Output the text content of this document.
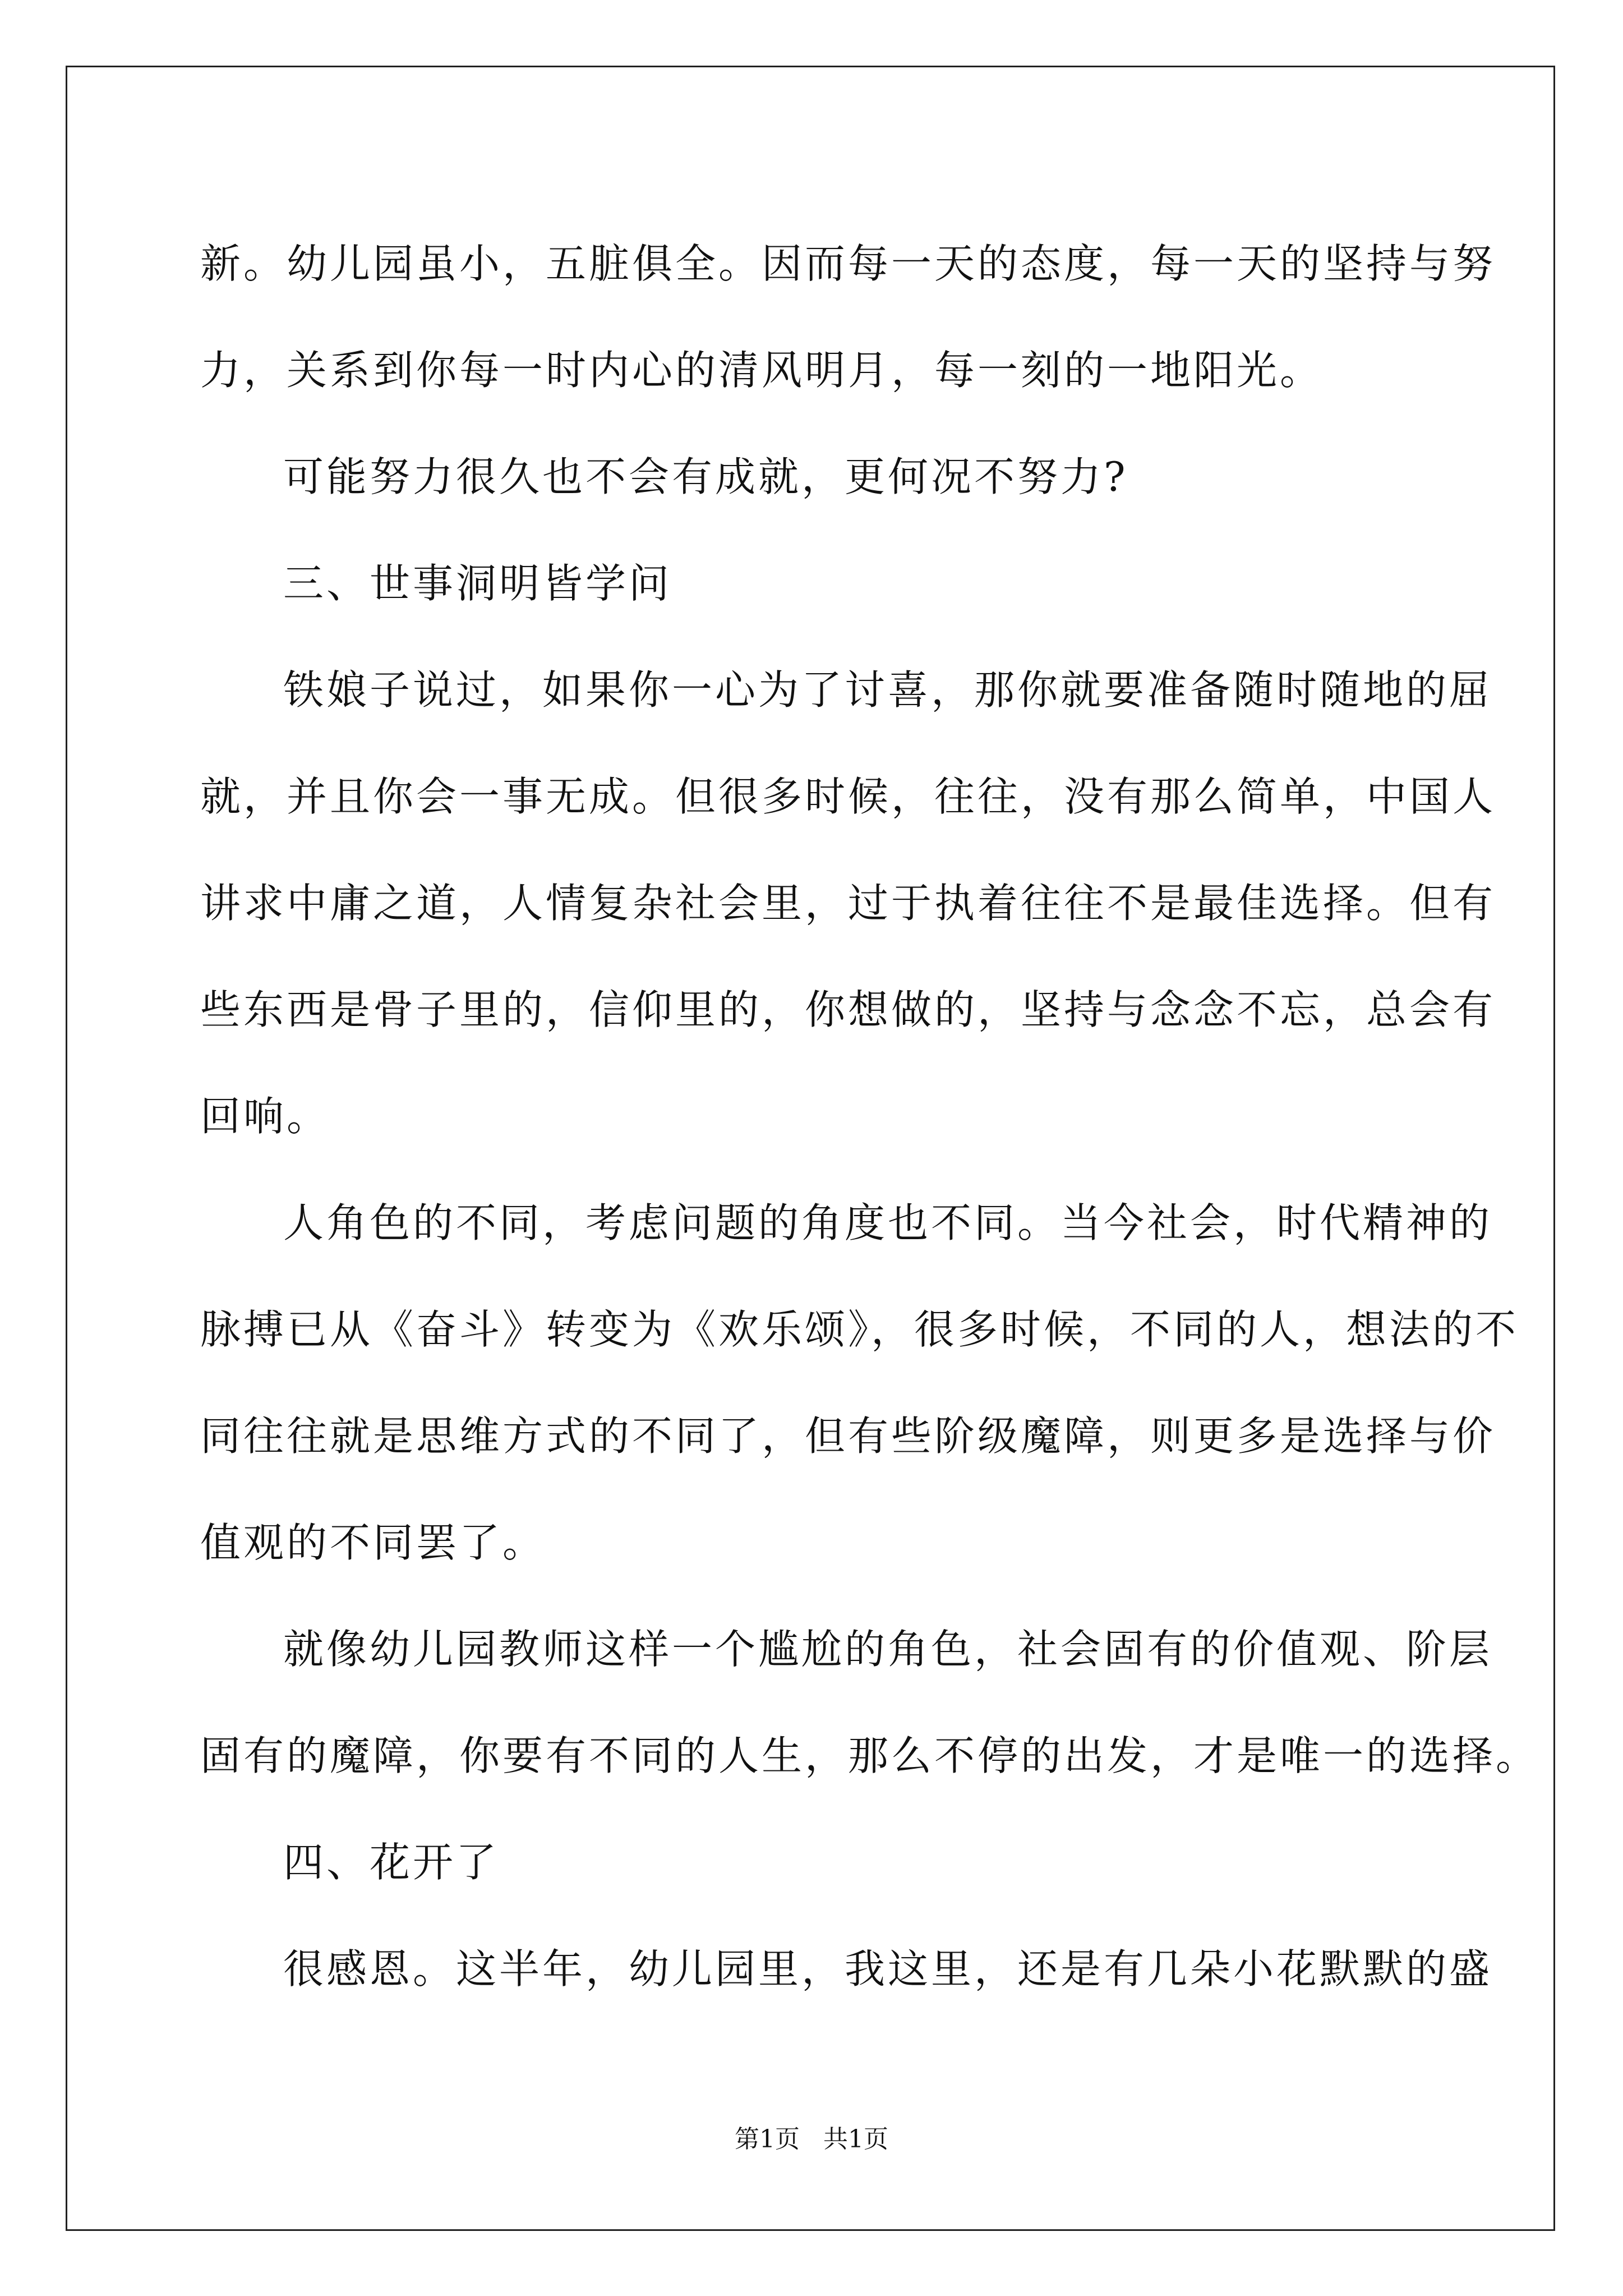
新。幼儿园虽小，五脏俱全。因而每一天的态度，每一天的坚持与努
力，关系到你每一时内心的清风明月，每一刻的一地阳光。
可能努力很久也不会有成就，更何况不努力?
三、世事洞明皆学问
铁娘子说过，如果你一心为了讨喜，那你就要准备随时随地的屈
就，并且你会一事无成。但很多时候，往往，没有那么简单，中国人
讲求中庸之道，人情复杂社会里，过于执着往往不是最佳选择。但有
些东西是骨子里的，信仰里的，你想做的，坚持与念念不忘，总会有
回响。
人角色的不同，考虑问题的角度也不同。当今社会，时代精神的
脉搏已从《奋斗》转变为《欢乐颂》，很多时候，不同的人，想法的不
同往往就是思维方式的不同了，但有些阶级魔障，则更多是选择与价
值观的不同罢了。
就像幼儿园教师这样一个尴尬的角色，社会固有的价值观、阶层
固有的魔障，你要有不同的人生，那么不停的出发，才是唯一的选择。
四、花开了
很感恩。这半年，幼儿园里，我这里，还是有几朵小花默默的盛
第1页   共1页
